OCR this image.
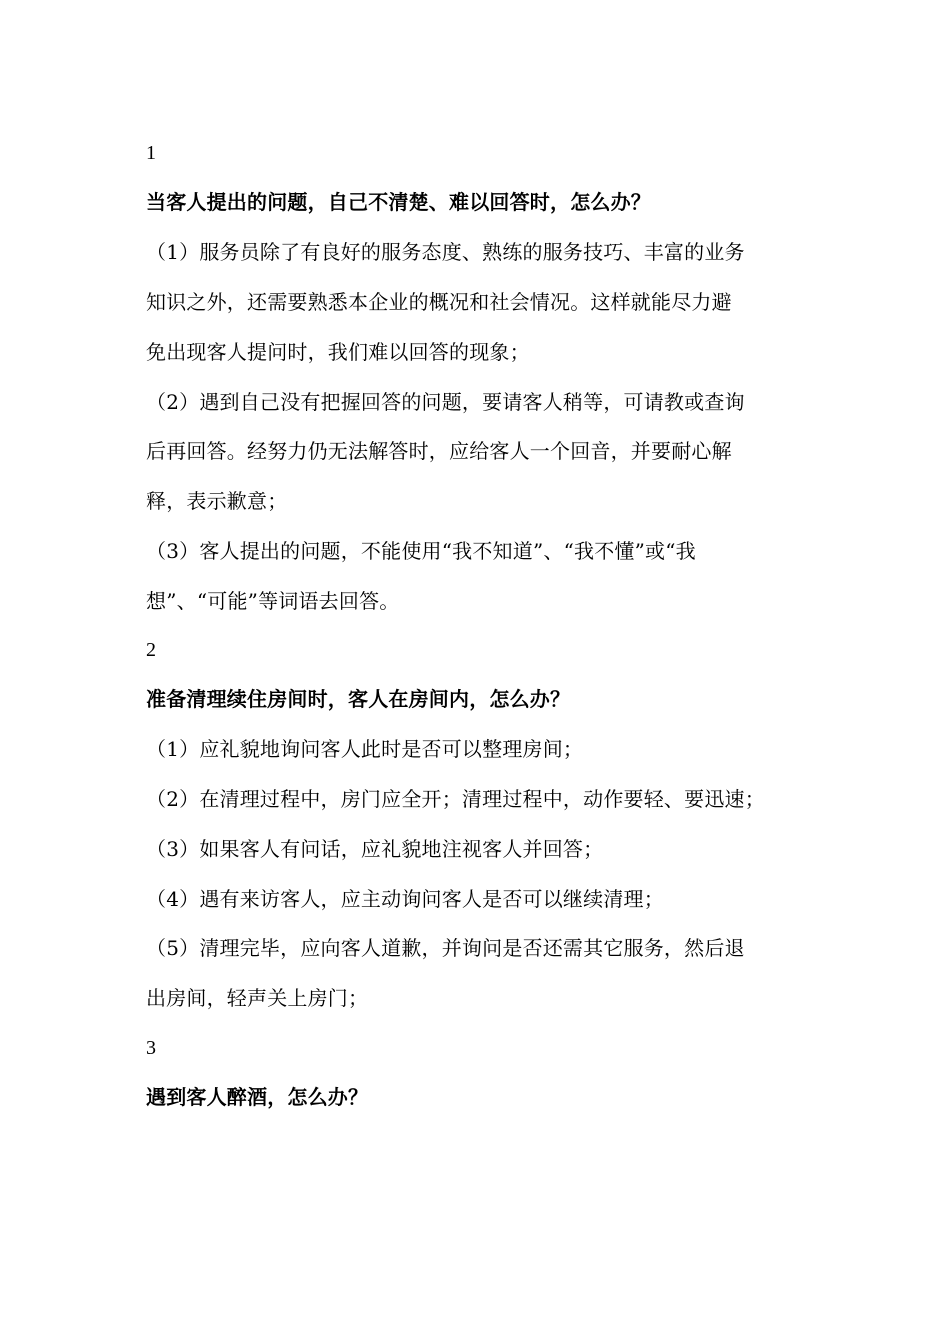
1
当客人提出的问题，自己不清楚、难以回答时，怎么办？
（1）服务员除了有良好的服务态度、熟练的服务技巧、丰富的业务
知识之外，还需要熟悉本企业的概况和社会情况。这样就能尽力避
免出现客人提问时，我们难以回答的现象；
（2）遇到自己没有把握回答的问题，要请客人稍等，可请教或查询
后再回答。经努力仍无法解答时，应给客人一个回音，并要耐心解
释，表示歉意；
（3）客人提出的问题，不能使用“我不知道”、“我不懂”或“我
想”、“可能”等词语去回答。
2
准备清理续住房间时，客人在房间内，怎么办？
（1）应礼貌地询问客人此时是否可以整理房间；
（2）在清理过程中，房门应全开；清理过程中，动作要轻、要迅速；
（3）如果客人有问话，应礼貌地注视客人并回答；
（4）遇有来访客人，应主动询问客人是否可以继续清理；
（5）清理完毕，应向客人道歉，并询问是否还需其它服务，然后退
出房间，轻声关上房门；
3
遇到客人醉酒，怎么办？
